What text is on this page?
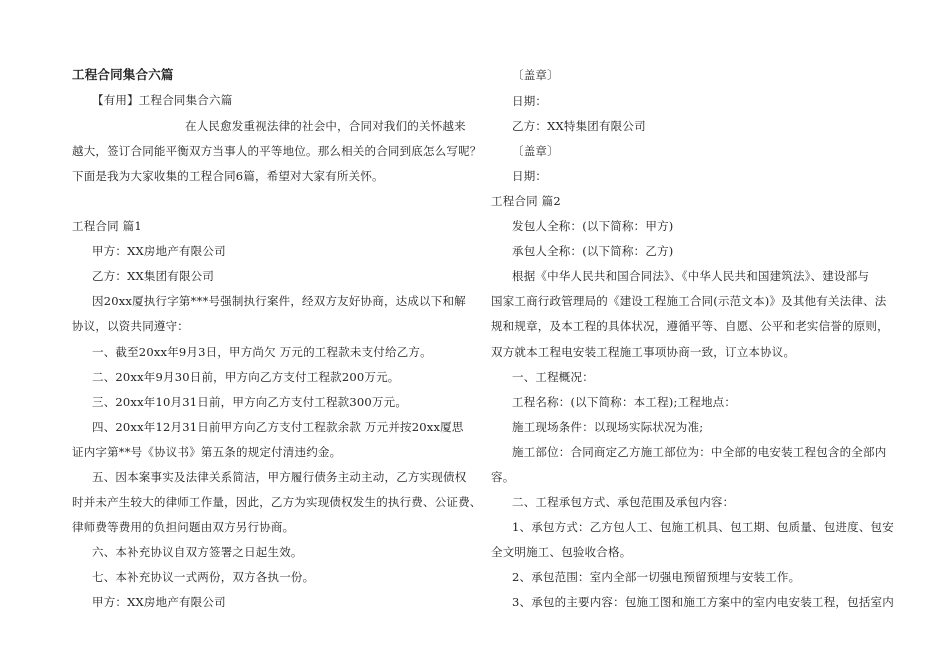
工程合同集合六篇
【有用】工程合同集合六篇
在人民愈发重视法律的社会中，合同对我们的关怀越来
越大，签订合同能平衡双方当事人的平等地位。那么相关的合同到底怎么写呢？
下面是我为大家收集的工程合同6篇，希望对大家有所关怀。
工程合同 篇1
甲方：XX房地产有限公司
乙方：XX集团有限公司
因20xx厦执行字第***号强制执行案件，经双方友好协商，达成以下和解
协议，以资共同遵守：
一、截至20xx年9月3日，甲方尚欠 万元的工程款未支付给乙方。
二、20xx年9月30日前，甲方向乙方支付工程款200万元。
三、20xx年10月31日前，甲方向乙方支付工程款300万元。
四、20xx年12月31日前甲方向乙方支付工程款余款 万元并按20xx厦思
证内字第**号《协议书》第五条的规定付清违约金。
五、因本案事实及法律关系简洁，甲方履行债务主动主动，乙方实现债权
时并未产生较大的律师工作量，因此，乙方为实现债权发生的执行费、公证费、
律师费等费用的负担问题由双方另行协商。
六、本补充协议自双方签署之日起生效。
七、本补充协议一式两份，双方各执一份。
甲方：XX房地产有限公司
〔盖章〕
日期：
乙方：XX特集团有限公司
〔盖章〕
日期：
工程合同 篇2
发包人全称：(以下简称：甲方)
承包人全称：(以下简称：乙方)
根据《中华人民共和国合同法》、《中华人民共和国建筑法》、建设部与
国家工商行政管理局的《建设工程施工合同(示范文本)》及其他有关法律、法
规和规章，及本工程的具体状况，遵循平等、自愿、公平和老实信誉的原则，
双方就本工程电安装工程施工事项协商一致，订立本协议。
一、工程概况：
工程名称：(以下简称：本工程);工程地点：
施工现场条件：以现场实际状况为准;
施工部位：合同商定乙方施工部位为：中全部的电安装工程包含的全部内
容。
二、工程承包方式、承包范围及承包内容：
1、承包方式：乙方包人工、包施工机具、包工期、包质量、包进度、包安
全文明施工、包验收合格。
2、承包范围：室内全部一切强电预留预埋与安装工作。
3、承包的主要内容：包施工图和施工方案中的室内电安装工程，包括室内
